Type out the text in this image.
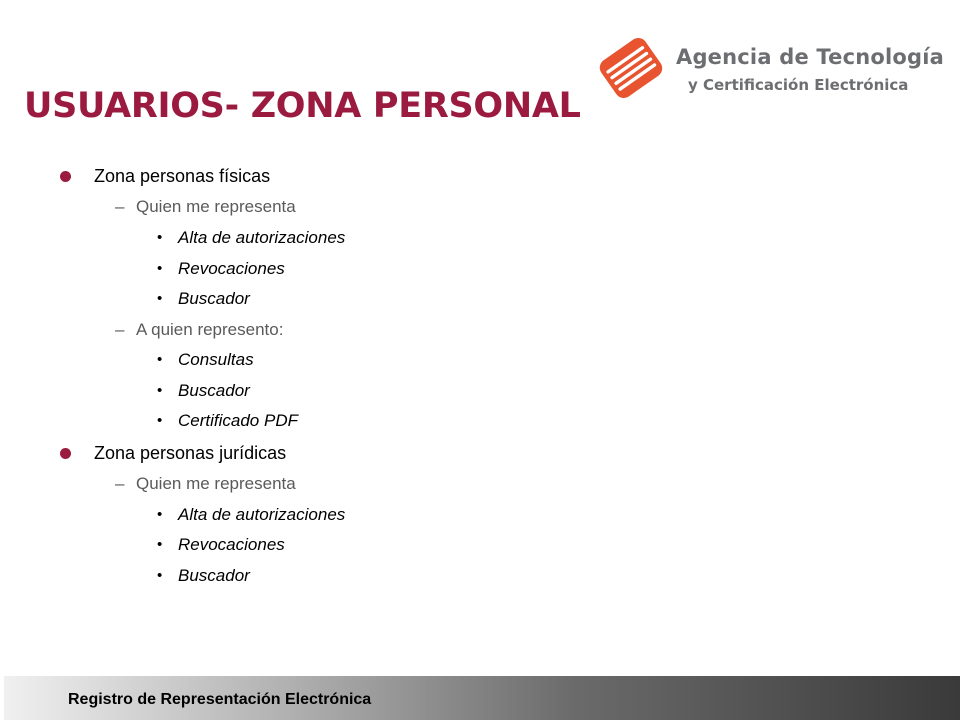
Agencia de Tecnología
y Certificación Electrónica
USUARIOS- ZONA PERSONAL
Zona personas físicas
– Quien me representa
• Alta de autorizaciones
• Revocaciones
• Buscador
– A quien represento:
• Consultas
• Buscador
• Certificado PDF
Zona personas jurídicas
– Quien me representa
• Alta de autorizaciones
• Revocaciones
• Buscador
Registro de Representación Electrónica
